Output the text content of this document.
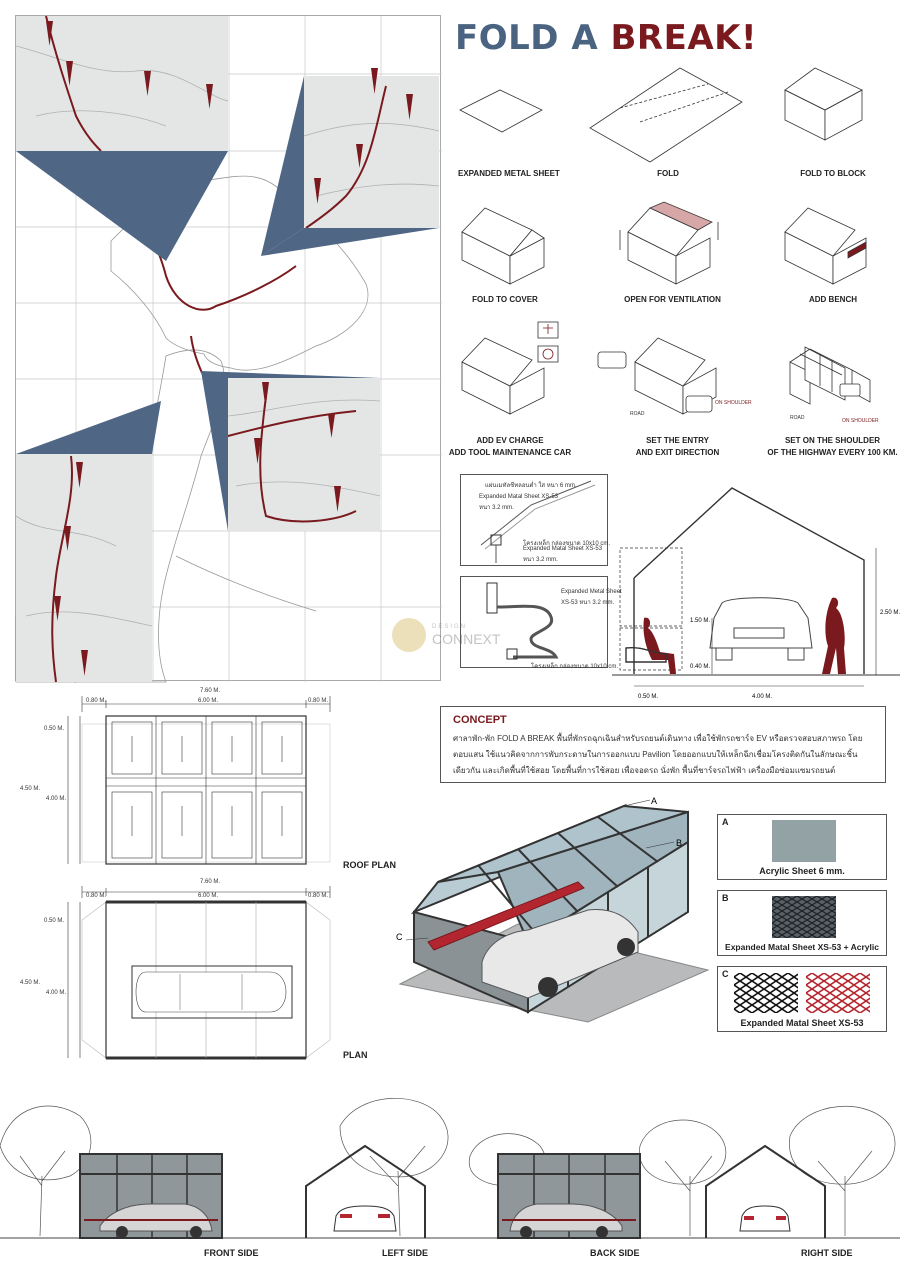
FOLD A BREAK!
ROAD
ON SHOULDER
ROAD	ON SHOULDER
EXPANDED METAL SHEET	FOLD	FOLD TO BLOCK
FOLD TO COVER	OPEN FOR VENTILATION	ADD BENCH
ADD EV CHARGE
ADD TOOL MAINTENANCE CAR
SET THE ENTRY
AND EXIT DIRECTION
SET ON THE SHOULDER
OF THE HIGHWAY EVERY 100 KM.
แผ่นเมทัลชีทลอนต่ำ ใส หนา 6 mm.
Expanded Matal Sheet XS-53
หนา 3.2 mm.
โครงเหล็ก กล่องขนาด 10x10 cm.
Expanded Matal Sheet XS-53
หนา 3.2 mm.
Expanded Metal Sheet
XS-53 หนา 3.2 mm.
โครงเหล็ก กล่องขนาด 10x10 cm.
2.50 M.
1.50 M.
0.40 M.
0.50 M.	4.00 M.
DESIGN
CONNEXT
CONCEPT
ศาลาพัก-พัก FOLD A BREAK พื้นที่พักรถฉุกเฉินสำหรับรถยนต์เดินทาง เพื่อใช้พักรถชาร์จ EV หรือตรวจสอบสภาพรถ โดยตอบแสน ใช้แนวคิดจากการพับกระดาษในการออกแบบ Pavilion โดยออกแบบให้เหล็กฉีกเชื่อมโครงติดกันในลักษณะชิ้นเดียวกัน และเกิดพื้นที่ใช้สอย โดยพื้นที่การใช้สอย เพื่อจอดรถ นั่งพัก พื้นที่ชาร์จรถไฟฟ้า เครื่องมือซ่อมแซมรถยนต์
7.60 M.
0.80 M.	6.00 M.	0.80 M.
0.50 M.
4.50 M.
4.00 M.
ROOF PLAN
7.60 M.
0.80 M.	6.00 M.	0.80 M.
0.50 M.
4.50 M.
4.00 M.
PLAN
A
B
C
A
Acrylic Sheet 6 mm.
B
Expanded Matal Sheet XS-53 + Acrylic
C
Expanded Matal Sheet XS-53
FRONT SIDE	LEFT SIDE	BACK SIDE	RIGHT SIDE
